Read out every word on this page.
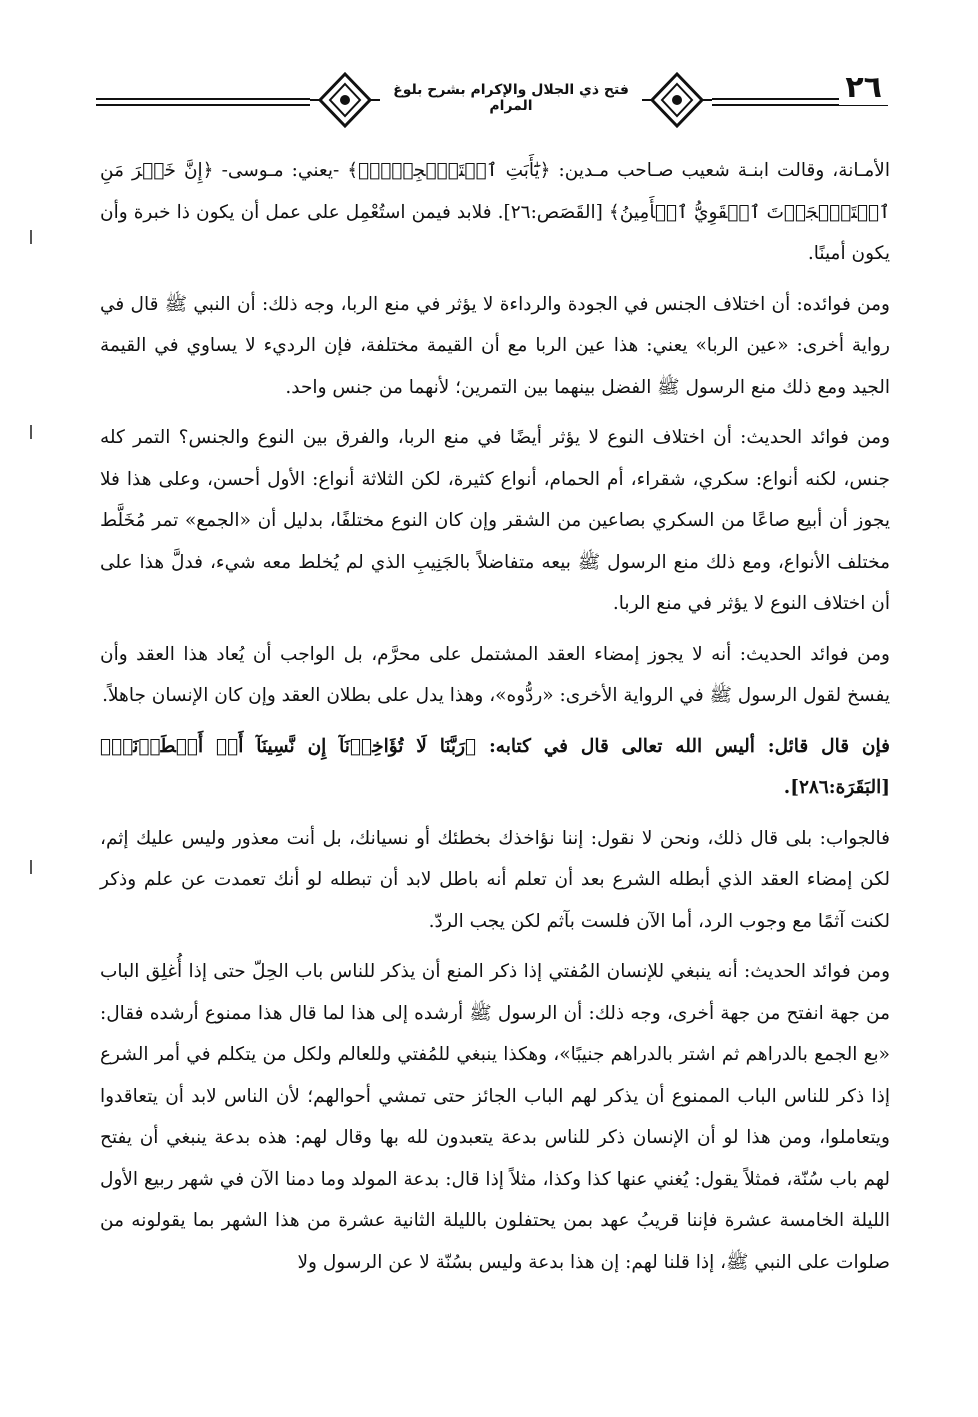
فتح ذي الجلال والإكرام بشرح بلوغ المرام
٢٦

الأمـانة، وقالت ابنـة شعيب صـاحب مـدين: ﴿يَٰٓأَبَتِ ٱسۡتَـٔۡجِرۡهُۖ﴾ -يعني: مـوسى- ﴿إِنَّ خَيۡرَ مَنِ ٱسۡتَـٔۡجَرۡتَ ٱلۡقَوِيُّ ٱلۡأَمِينُ﴾ [القَصَص:٢٦]. فلابد فيمن استُعْمِل على عمل أن يكون ذا خبرة وأن يكون أمينًا.

ومن فوائده: أن اختلاف الجنس في الجودة والرداءة لا يؤثر في منع الربا، وجه ذلك: أن النبي ﷺ قال في رواية أخرى: «عين الربا» يعني: هذا عين الربا مع أن القيمة مختلفة، فإن الرديء لا يساوي في القيمة الجيد ومع ذلك منع الرسول ﷺ الفضل بينهما بين التمرين؛ لأنهما من جنس واحد.

ومن فوائد الحديث: أن اختلاف النوع لا يؤثر أيضًا في منع الربا، والفرق بين النوع والجنس؟ التمر كله جنس، لكنه أنواع: سكري، شقراء، أم الحمام، أنواع كثيرة، لكن الثلاثة أنواع: الأول أحسن، وعلى هذا فلا يجوز أن أبيع صاعًا من السكري بصاعين من الشقر وإن كان النوع مختلفًا، بدليل أن «الجمع» تمر مُخَلَّط مختلف الأنواع، ومع ذلك منع الرسول ﷺ بيعه متفاضلاً بالجَنِيبِ الذي لم يُخلط معه شيء، فدلَّ هذا على أن اختلاف النوع لا يؤثر في منع الربا.

ومن فوائد الحديث: أنه لا يجوز إمضاء العقد المشتمل على محرَّم، بل الواجب أن يُعاد هذا العقد وأن يفسخ لقول الرسول ﷺ في الرواية الأخرى: «ردُّوه»، وهذا يدل على بطلان العقد وإن كان الإنسان جاهلاً.

فإن قال قائل: أليس الله تعالى قال في كتابه: ﴿رَبَّنَا لَا تُؤَاخِذۡنَآ إِن نَّسِينَآ أَوۡ أَخۡطَأۡنَاۚ﴾ [البَقَرَة:٢٨٦].

فالجواب: بلى قال ذلك، ونحن لا نقول: إننا نؤاخذك بخطئك أو نسيانك، بل أنت معذور وليس عليك إثم، لكن إمضاء العقد الذي أبطله الشرع بعد أن تعلم أنه باطل لابد أن تبطله لو أنك تعمدت عن علم وذكر لكنت آثمًا مع وجوب الرد، أما الآن فلست بآثم لكن يجب الردّ.

ومن فوائد الحديث: أنه ينبغي للإنسان المُفتي إذا ذكر المنع أن يذكر للناس باب الحِلّ حتى إذا أُغلِق الباب من جهة انفتح من جهة أخرى، وجه ذلك: أن الرسول ﷺ أرشده إلى هذا لما قال هذا ممنوع أرشده فقال: «بع الجمع بالدراهم ثم اشتر بالدراهم جنيبًا»، وهكذا ينبغي للمُفتي وللعالم ولكل من يتكلم في أمر الشرع إذا ذكر للناس الباب الممنوع أن يذكر لهم الباب الجائز حتى تمشي أحوالهم؛ لأن الناس لابد أن يتعاقدوا ويتعاملوا، ومن هذا لو أن الإنسان ذكر للناس بدعة يتعبدون لله بها وقال لهم: هذه بدعة ينبغي أن يفتح لهم باب سُنّة، فمثلاً يقول: يُغني عنها كذا وكذا، مثلاً إذا قال: بدعة المولد وما دمنا الآن في شهر ربيع الأول الليلة الخامسة عشرة فإننا قريبُ عهد بمن يحتفلون بالليلة الثانية عشرة من هذا الشهر بما يقولونه من صلوات على النبي ﷺ، إذا قلنا لهم: إن هذا بدعة وليس بسُنّة لا عن الرسول ولا
